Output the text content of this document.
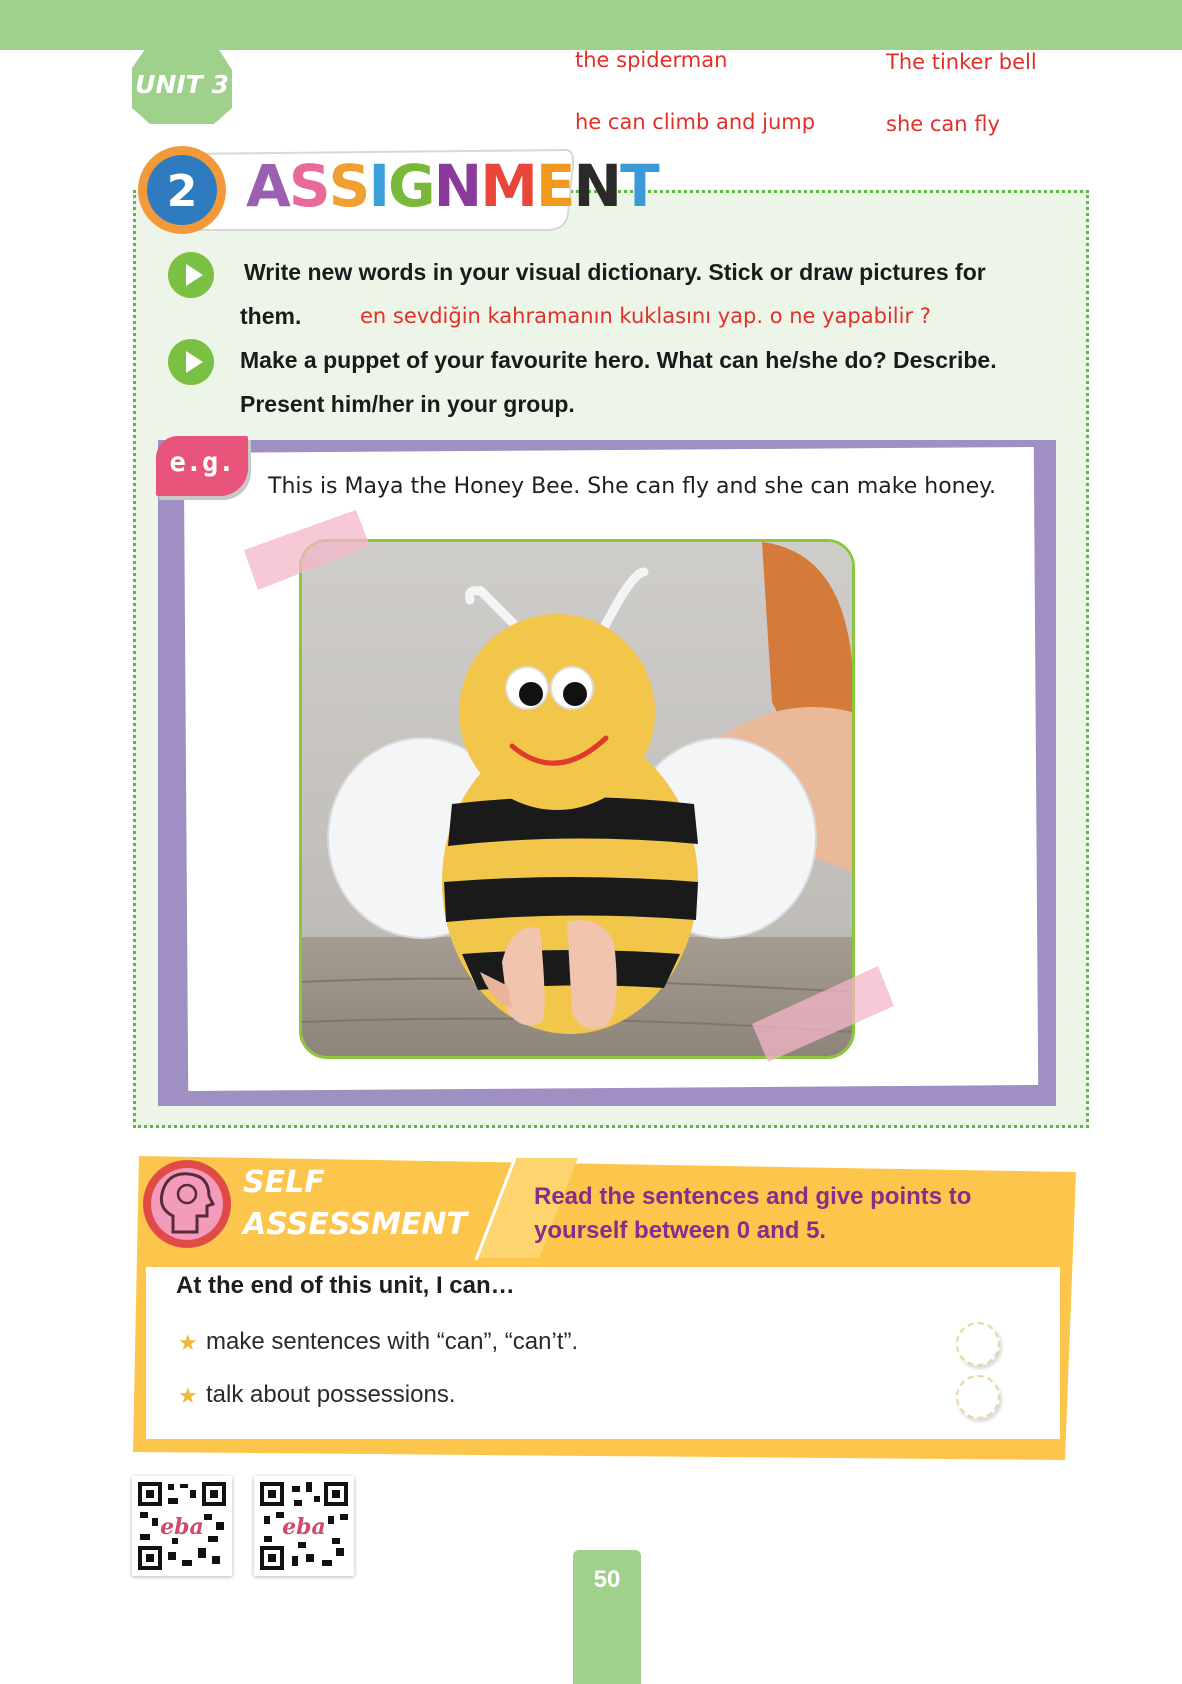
UNIT 3
the spiderman	The tinker bell
he can climb and jump	she can fly
2 ASSIGNMENT
Write new words in your visual dictionary. Stick or draw pictures for
them.	en sevdiğin kahramanın kuklasını yap. o ne yapabilir ?
Make a puppet of your favourite hero. What can he/she do? Describe.
Present him/her in your group.
e.g.
This is Maya the Honey Bee. She can fly and she can make honey.
SELF
ASSESSMENT
Read the sentences and give points to yourself between 0 and 5.
At the end of this unit, I can…
★ make sentences with “can”, “can’t”.
★ talk about possessions.
eba	eba
50
